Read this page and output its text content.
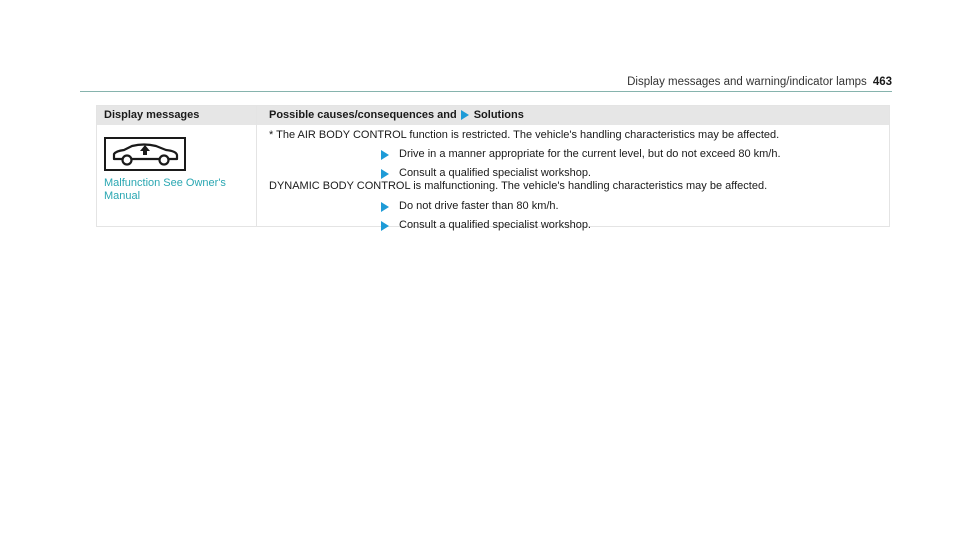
Display messages and warning/indicator lamps 463
Display messages	Possible causes/consequences and Solutions
Malfunction See Owner's Manual
* The AIR BODY CONTROL function is restricted. The vehicle's handling characteristics may be affected.
Drive in a manner appropriate for the current level, but do not exceed 80 km/h.
Consult a qualified specialist workshop.
DYNAMIC BODY CONTROL is malfunctioning. The vehicle's handling characteristics may be affected.
Do not drive faster than 80 km/h.
Consult a qualified specialist workshop.
